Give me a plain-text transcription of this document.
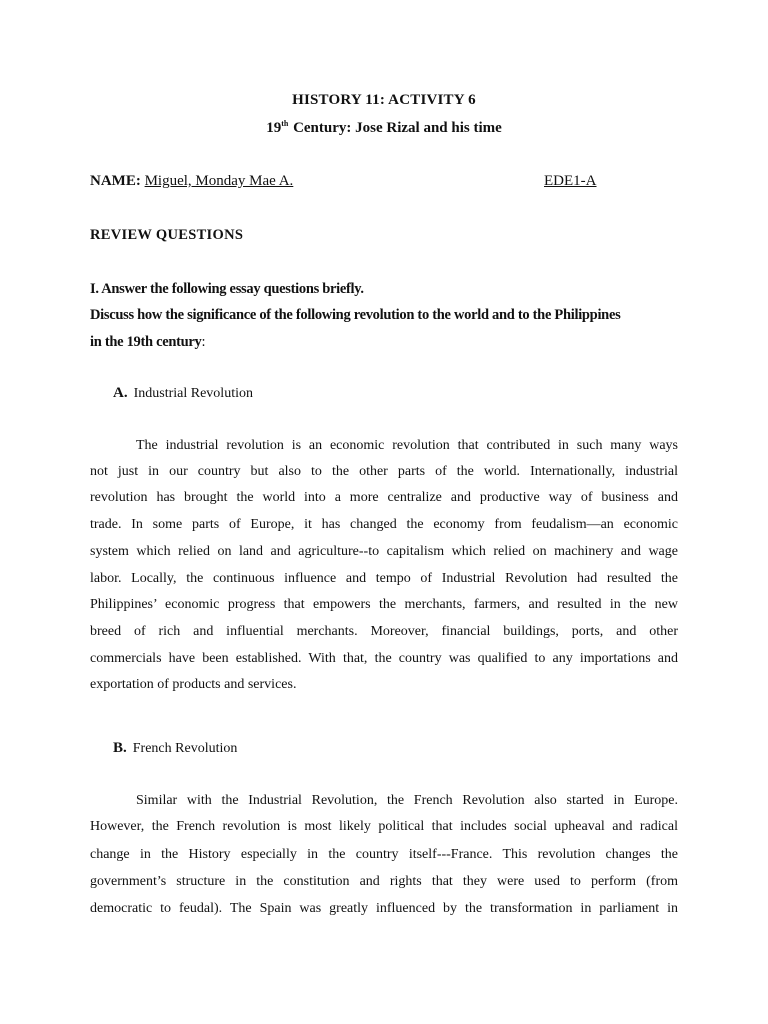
HISTORY 11: ACTIVITY 6
19th Century: Jose Rizal and his time
NAME: Miguel, Monday Mae A.	EDE1-A
REVIEW QUESTIONS
I. Answer the following essay questions briefly.
Discuss how the significance of the following revolution to the world and to the Philippines
in the 19th century:
A. Industrial Revolution
The industrial revolution is an economic revolution that contributed in such many ways
not just in our country but also to the other parts of the world. Internationally, industrial
revolution has brought the world into a more centralize and productive way of business and
trade. In some parts of Europe, it has changed the economy from feudalism—an economic
system which relied on land and agriculture--to capitalism which relied on machinery and wage
labor. Locally, the continuous influence and tempo of Industrial Revolution had resulted the
Philippines’ economic progress that empowers the merchants, farmers, and resulted in the new
breed of rich and influential merchants. Moreover, financial buildings, ports, and other
commercials have been established. With that, the country was qualified to any importations and
exportation of products and services.
B. French Revolution
Similar with the Industrial Revolution, the French Revolution also started in Europe.
However, the French revolution is most likely political that includes social upheaval and radical
change in the History especially in the country itself---France. This revolution changes the
government’s structure in the constitution and rights that they were used to perform (from
democratic to feudal). The Spain was greatly influenced by the transformation in parliament in
